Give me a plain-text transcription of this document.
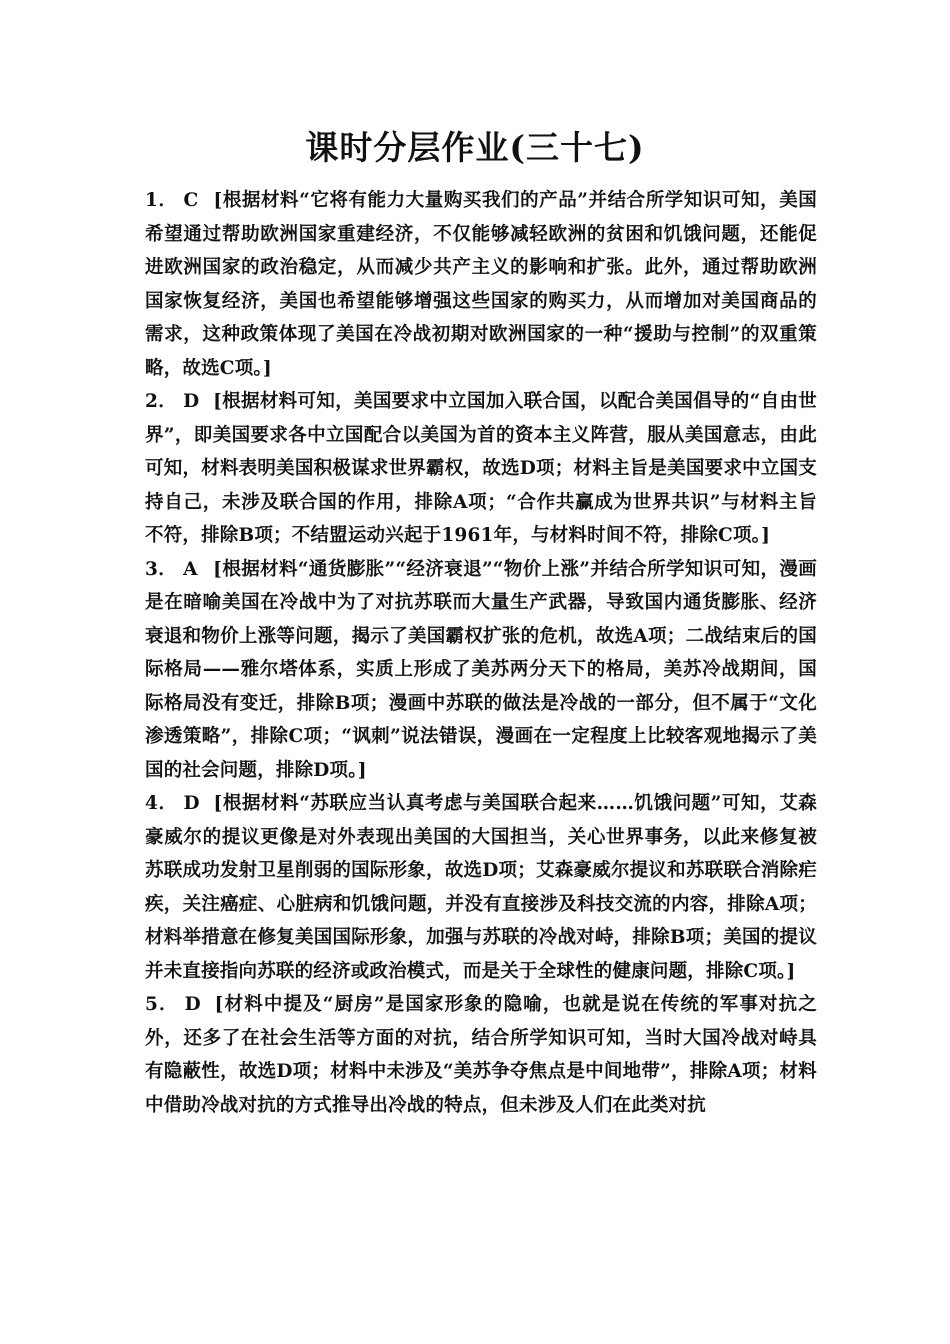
课时分层作业(三十七)

1． C [根据材料“它将有能力大量购买我们的产品”并结合所学知识可知，美国希望通过帮助欧洲国家重建经济，不仅能够减轻欧洲的贫困和饥饿问题，还能促进欧洲国家的政治稳定，从而减少共产主义的影响和扩张。此外，通过帮助欧洲国家恢复经济，美国也希望能够增强这些国家的购买力，从而增加对美国商品的需求，这种政策体现了美国在冷战初期对欧洲国家的一种“援助与控制”的双重策略，故选C项。]

2． D [根据材料可知，美国要求中立国加入联合国，以配合美国倡导的“自由世界”，即美国要求各中立国配合以美国为首的资本主义阵营，服从美国意志，由此可知，材料表明美国积极谋求世界霸权，故选D项；材料主旨是美国要求中立国支持自己，未涉及联合国的作用，排除A项；“合作共赢成为世界共识”与材料主旨不符，排除B项；不结盟运动兴起于1961年，与材料时间不符，排除C项。]

3． A [根据材料“通货膨胀”“经济衰退”“物价上涨”并结合所学知识可知，漫画是在暗喻美国在冷战中为了对抗苏联而大量生产武器，导致国内通货膨胀、经济衰退和物价上涨等问题，揭示了美国霸权扩张的危机，故选A项；二战结束后的国际格局——雅尔塔体系，实质上形成了美苏两分天下的格局，美苏冷战期间，国际格局没有变迁，排除B项；漫画中苏联的做法是冷战的一部分，但不属于“文化渗透策略”，排除C项；“讽刺”说法错误，漫画在一定程度上比较客观地揭示了美国的社会问题，排除D项。]

4． D [根据材料“苏联应当认真考虑与美国联合起来……饥饿问题”可知，艾森豪威尔的提议更像是对外表现出美国的大国担当，关心世界事务，以此来修复被苏联成功发射卫星削弱的国际形象，故选D项；艾森豪威尔提议和苏联联合消除疟疾，关注癌症、心脏病和饥饿问题，并没有直接涉及科技交流的内容，排除A项；材料举措意在修复美国国际形象，加强与苏联的冷战对峙，排除B项；美国的提议并未直接指向苏联的经济或政治模式，而是关于全球性的健康问题，排除C项。]

5． D [材料中提及“厨房”是国家形象的隐喻，也就是说在传统的军事对抗之外，还多了在社会生活等方面的对抗，结合所学知识可知，当时大国冷战对峙具有隐蔽性，故选D项；材料中未涉及“美苏争夺焦点是中间地带”，排除A项；材料中借助冷战对抗的方式推导出冷战的特点，但未涉及人们在此类对抗
